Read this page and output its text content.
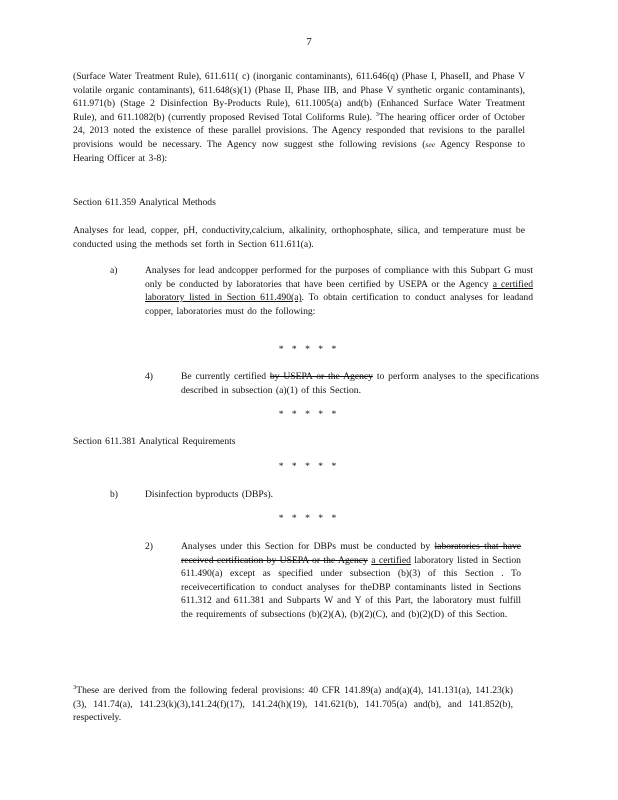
7
(Surface Water Treatment Rule), 611.611( c) (inorganic contaminants), 611.646(q) (Phase I, PhaseII, and Phase V volatile organic contaminants), 611.648(s)(1) (Phase II, Phase IIB, and Phase V synthetic organic contaminants), 611.971(b) (Stage 2 Disinfection By-Products Rule), 611.1005(a) and(b) (Enhanced Surface Water Treatment Rule), and 611.1082(b) (currently proposed Revised Total Coliforms Rule). $^3$The hearing officer order of October 24, 2013 noted the existence of these parallel provisions. The Agency responded that revisions to the parallel provisions would be necessary. The Agency now suggest sthe following revisions (see Agency Response to Hearing Officer at 3-8):
Section 611.359 Analytical Methods
Analyses for lead, copper, pH, conductivity,calcium, alkalinity, orthophosphate, silica, and temperature must be conducted using the methods set forth in Section 611.611(a).
a)	Analyses for lead andcopper performed for the purposes of compliance with this Subpart G must only be conducted by laboratories that have been certified by USEPA or the Agency a certified laboratory listed in Section 611.490(a). To obtain certification to conduct analyses for leadand copper, laboratories must do the following:
* * * * *
4)	Be currently certified by USEPA or the Agency to perform analyses to the specifications described in subsection (a)(1) of this Section.
* * * * *
Section 611.381 Analytical Requirements
* * * * *
b)	Disinfection byproducts (DBPs).
* * * * *
2)	Analyses under this Section for DBPs must be conducted by laboratories that have received certification by USEPA or the Agency a certified laboratory listed in Section 611.490(a) except as specified under subsection (b)(3) of this Section . To receivecertification to conduct analyses for theDBP contaminants listed in Sections 611.312 and 611.381 and Subparts W and Y of this Part, the laboratory must fulfill the requirements of subsections (b)(2)(A), (b)(2)(C), and (b)(2)(D) of this Section.
$^3$These are derived from the following federal provisions: 40 CFR 141.89(a) and(a)(4), 141.131(a), 141.23(k)(3), 141.74(a), 141.23(k)(3),141.24(f)(17), 141.24(h)(19), 141.621(b), 141.705(a) and(b), and 141.852(b), respectively.
